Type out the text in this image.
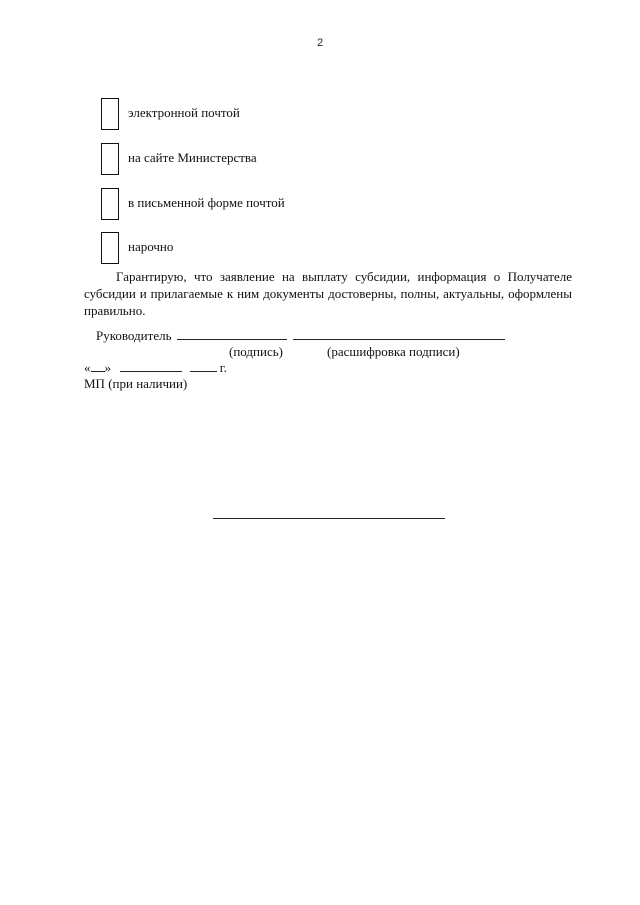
2
электронной почтой
на сайте Министерства
в письменной форме почтой
нарочно
Гарантирую, что заявление на выплату субсидии, информация о Получателе субсидии и прилагаемые к ним документы достоверны, полны, актуальны, оформлены правильно.
Руководитель
(подпись)	(расшифровка подписи)
« »	г.
МП (при наличии)
